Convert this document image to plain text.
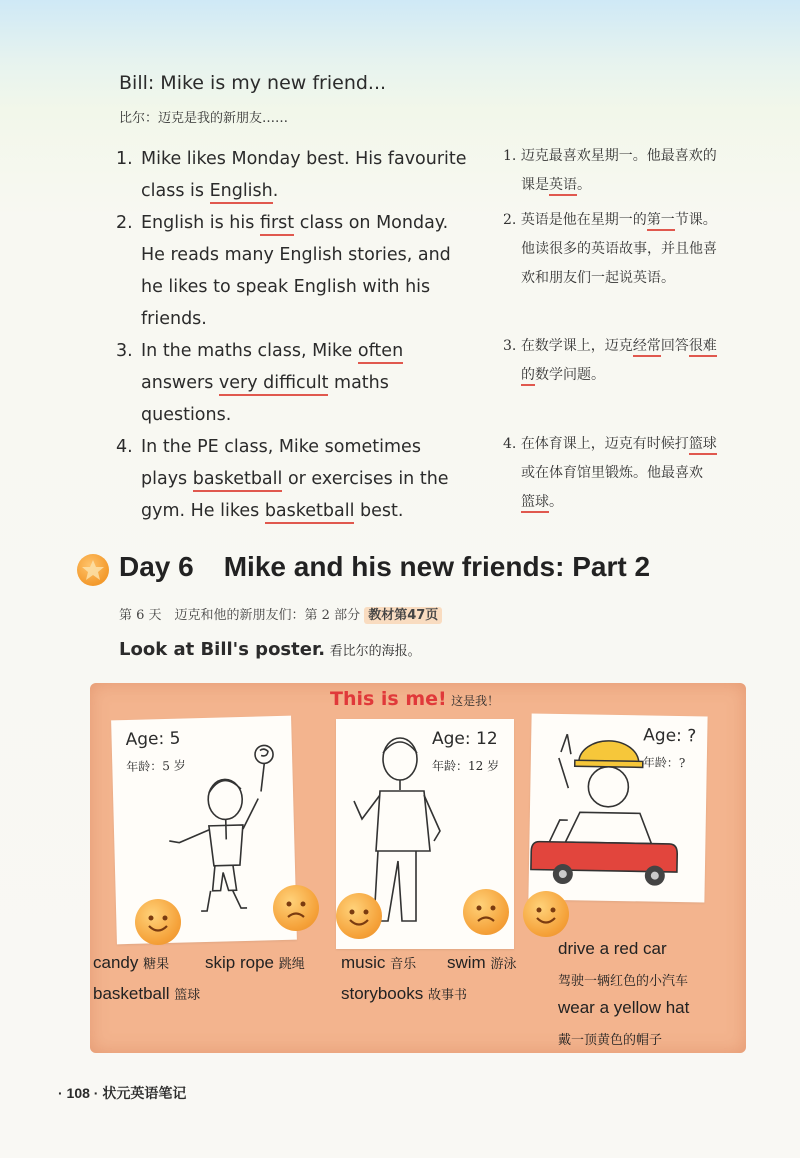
Bill: Mike is my new friend...
比尔：迈克是我的新朋友……
1. Mike likes Monday best. His favourite
class is English.
1. 迈克最喜欢星期一。他最喜欢的
课是英语。
2. English is his first class on Monday.
He reads many English stories, and
he likes to speak English with his
friends.
2. 英语是他在星期一的第一节课。
他读很多的英语故事，并且他喜
欢和朋友们一起说英语。
3. In the maths class, Mike often
answers very difficult maths
questions.
3. 在数学课上，迈克经常回答很难
的数学问题。
4. In the PE class, Mike sometimes
plays basketball or exercises in the
gym. He likes basketball best.
4. 在体育课上，迈克有时候打篮球
或在体育馆里锻炼。他最喜欢
篮球。
Day 6 Mike and his new friends: Part 2
第 6 天　迈克和他的新朋友们：第 2 部分 教材第47页
Look at Bill's poster. 看比尔的海报。
This is me! 这是我！
Age: 5
年龄：5 岁
Age: 12
年龄：12 岁
Age: ?
年龄：?
candy 糖果 skip rope 跳绳
basketball 篮球
music 音乐 swim 游泳
storybooks 故事书
drive a red car
驾驶一辆红色的小汽车
wear a yellow hat
戴一顶黄色的帽子
· 108 · 状元英语笔记
